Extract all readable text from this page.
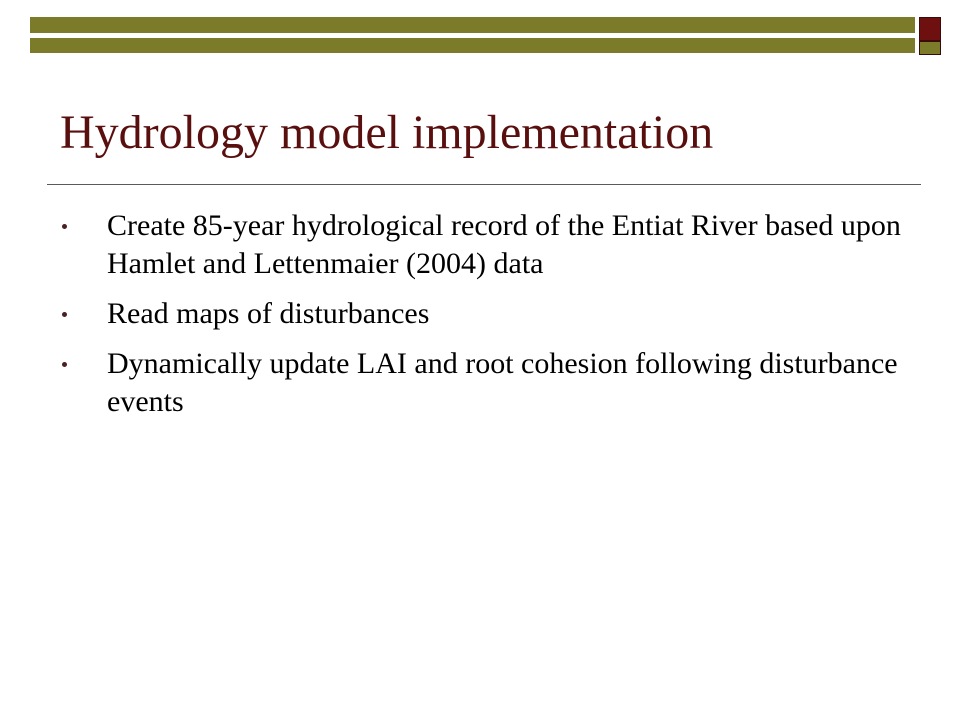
Hydrology model implementation
Create 85-year hydrological record of the Entiat River based upon Hamlet and Lettenmaier (2004) data
Read maps of disturbances
Dynamically update LAI and root cohesion following disturbance events
